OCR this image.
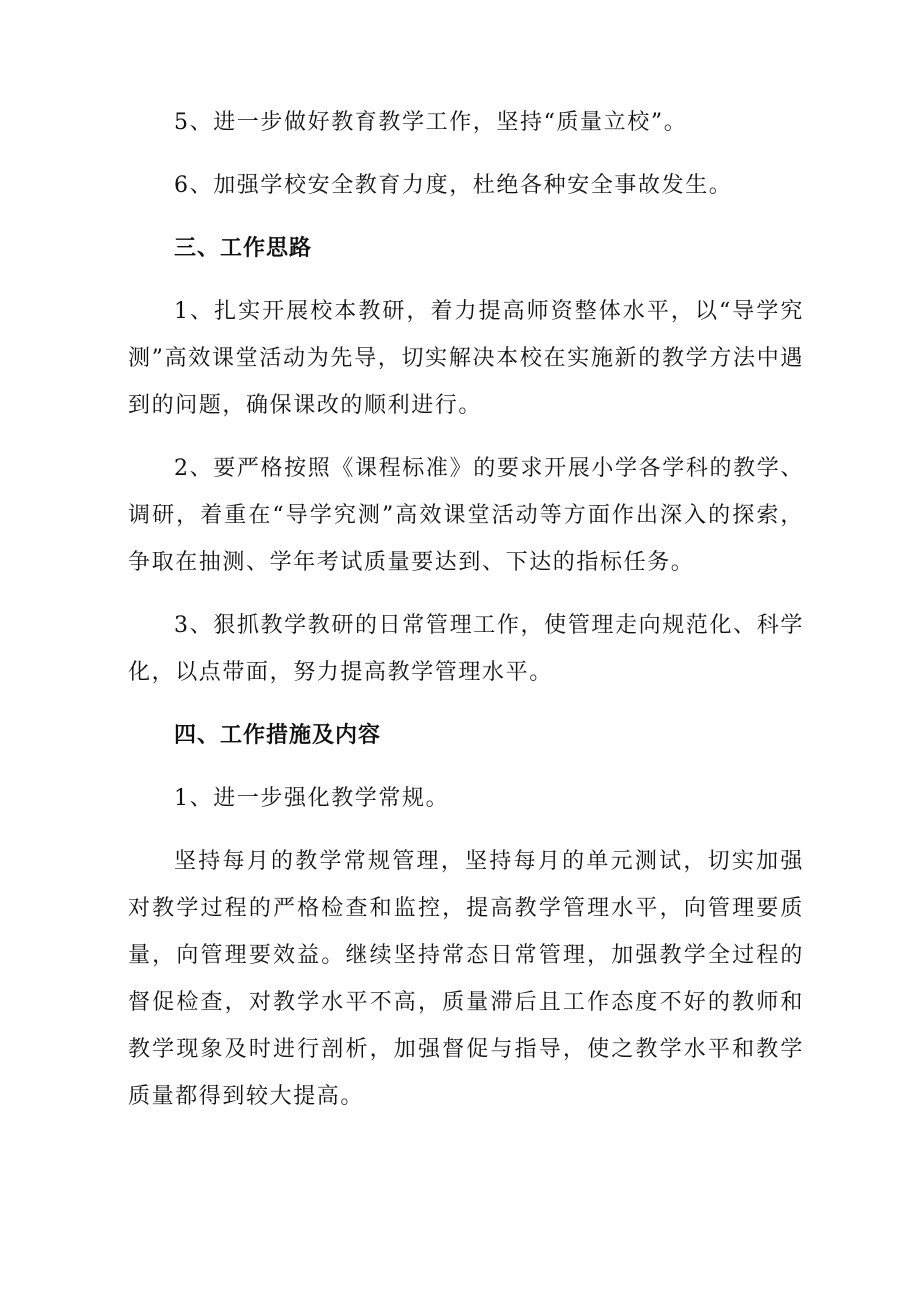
5、进一步做好教育教学工作，坚持“质量立校”。

6、加强学校安全教育力度，杜绝各种安全事故发生。

三、工作思路

1、扎实开展校本教研，着力提高师资整体水平，以“导学究测”高效课堂活动为先导，切实解决本校在实施新的教学方法中遇到的问题，确保课改的顺利进行。

2、要严格按照《课程标准》的要求开展小学各学科的教学、调研，着重在“导学究测”高效课堂活动等方面作出深入的探索，争取在抽测、学年考试质量要达到、下达的指标任务。

3、狠抓教学教研的日常管理工作，使管理走向规范化、科学化，以点带面，努力提高教学管理水平。

四、工作措施及内容

1、进一步强化教学常规。

坚持每月的教学常规管理，坚持每月的单元测试，切实加强对教学过程的严格检查和监控，提高教学管理水平，向管理要质量，向管理要效益。继续坚持常态日常管理，加强教学全过程的督促检查，对教学水平不高，质量滞后且工作态度不好的教师和教学现象及时进行剖析，加强督促与指导，使之教学水平和教学质量都得到较大提高。
